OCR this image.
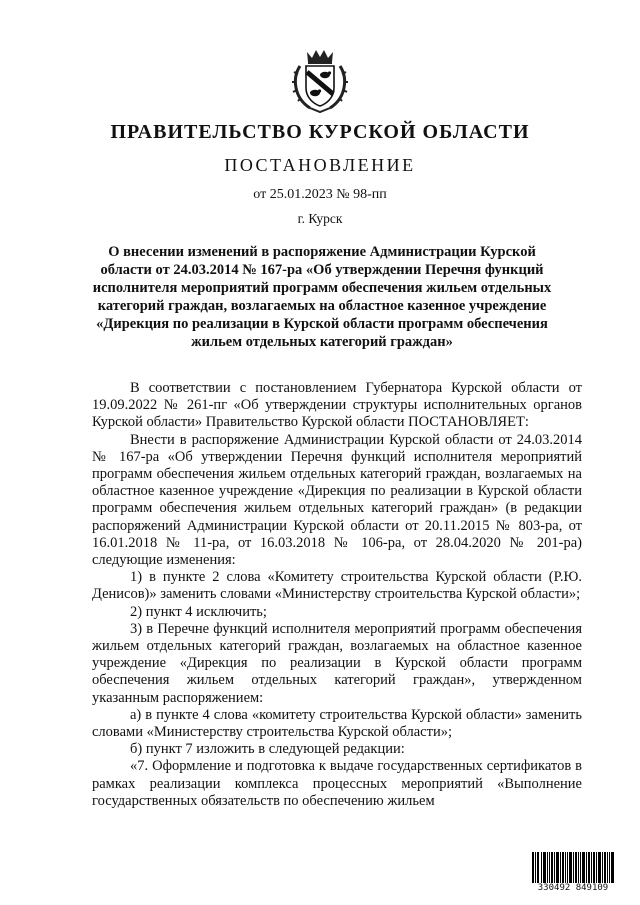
ПРАВИТЕЛЬСТВО КУРСКОЙ ОБЛАСТИ
ПОСТАНОВЛЕНИЕ
от 25.01.2023 № 98-пп
г. Курск
О внесении изменений в распоряжение Администрации Курской области от 24.03.2014 № 167-ра «Об утверждении Перечня функций исполнителя мероприятий программ обеспечения жильем отдельных категорий граждан, возлагаемых на областное казенное учреждение «Дирекция по реализации в Курской области программ обеспечения жильем отдельных категорий граждан»

В соответствии с постановлением Губернатора Курской области от 19.09.2022 № 261-пг «Об утверждении структуры исполнительных органов Курской области» Правительство Курской области ПОСТАНОВЛЯЕТ:

Внести в распоряжение Администрации Курской области от 24.03.2014 № 167-ра «Об утверждении Перечня функций исполнителя мероприятий программ обеспечения жильем отдельных категорий граждан, возлагаемых на областное казенное учреждение «Дирекция по реализации в Курской области программ обеспечения жильем отдельных категорий граждан» (в редакции распоряжений Администрации Курской области от 20.11.2015 № 803-ра, от 16.01.2018 № 11-ра, от 16.03.2018 № 106-ра, от 28.04.2020 № 201-ра) следующие изменения:

1) в пункте 2 слова «Комитету строительства Курской области (Р.Ю. Денисов)» заменить словами «Министерству строительства Курской области»;

2) пункт 4 исключить;

3) в Перечне функций исполнителя мероприятий программ обеспечения жильем отдельных категорий граждан, возлагаемых на областное казенное учреждение «Дирекция по реализации в Курской области программ обеспечения жильем отдельных категорий граждан», утвержденном указанным распоряжением:

а) в пункте 4 слова «комитету строительства Курской области» заменить словами «Министерству строительства Курской области»;

б) пункт 7 изложить в следующей редакции:

«7. Оформление и подготовка к выдаче государственных сертификатов в рамках реализации комплекса процессных мероприятий «Выполнение государственных обязательств по обеспечению жильем

330492 849109
